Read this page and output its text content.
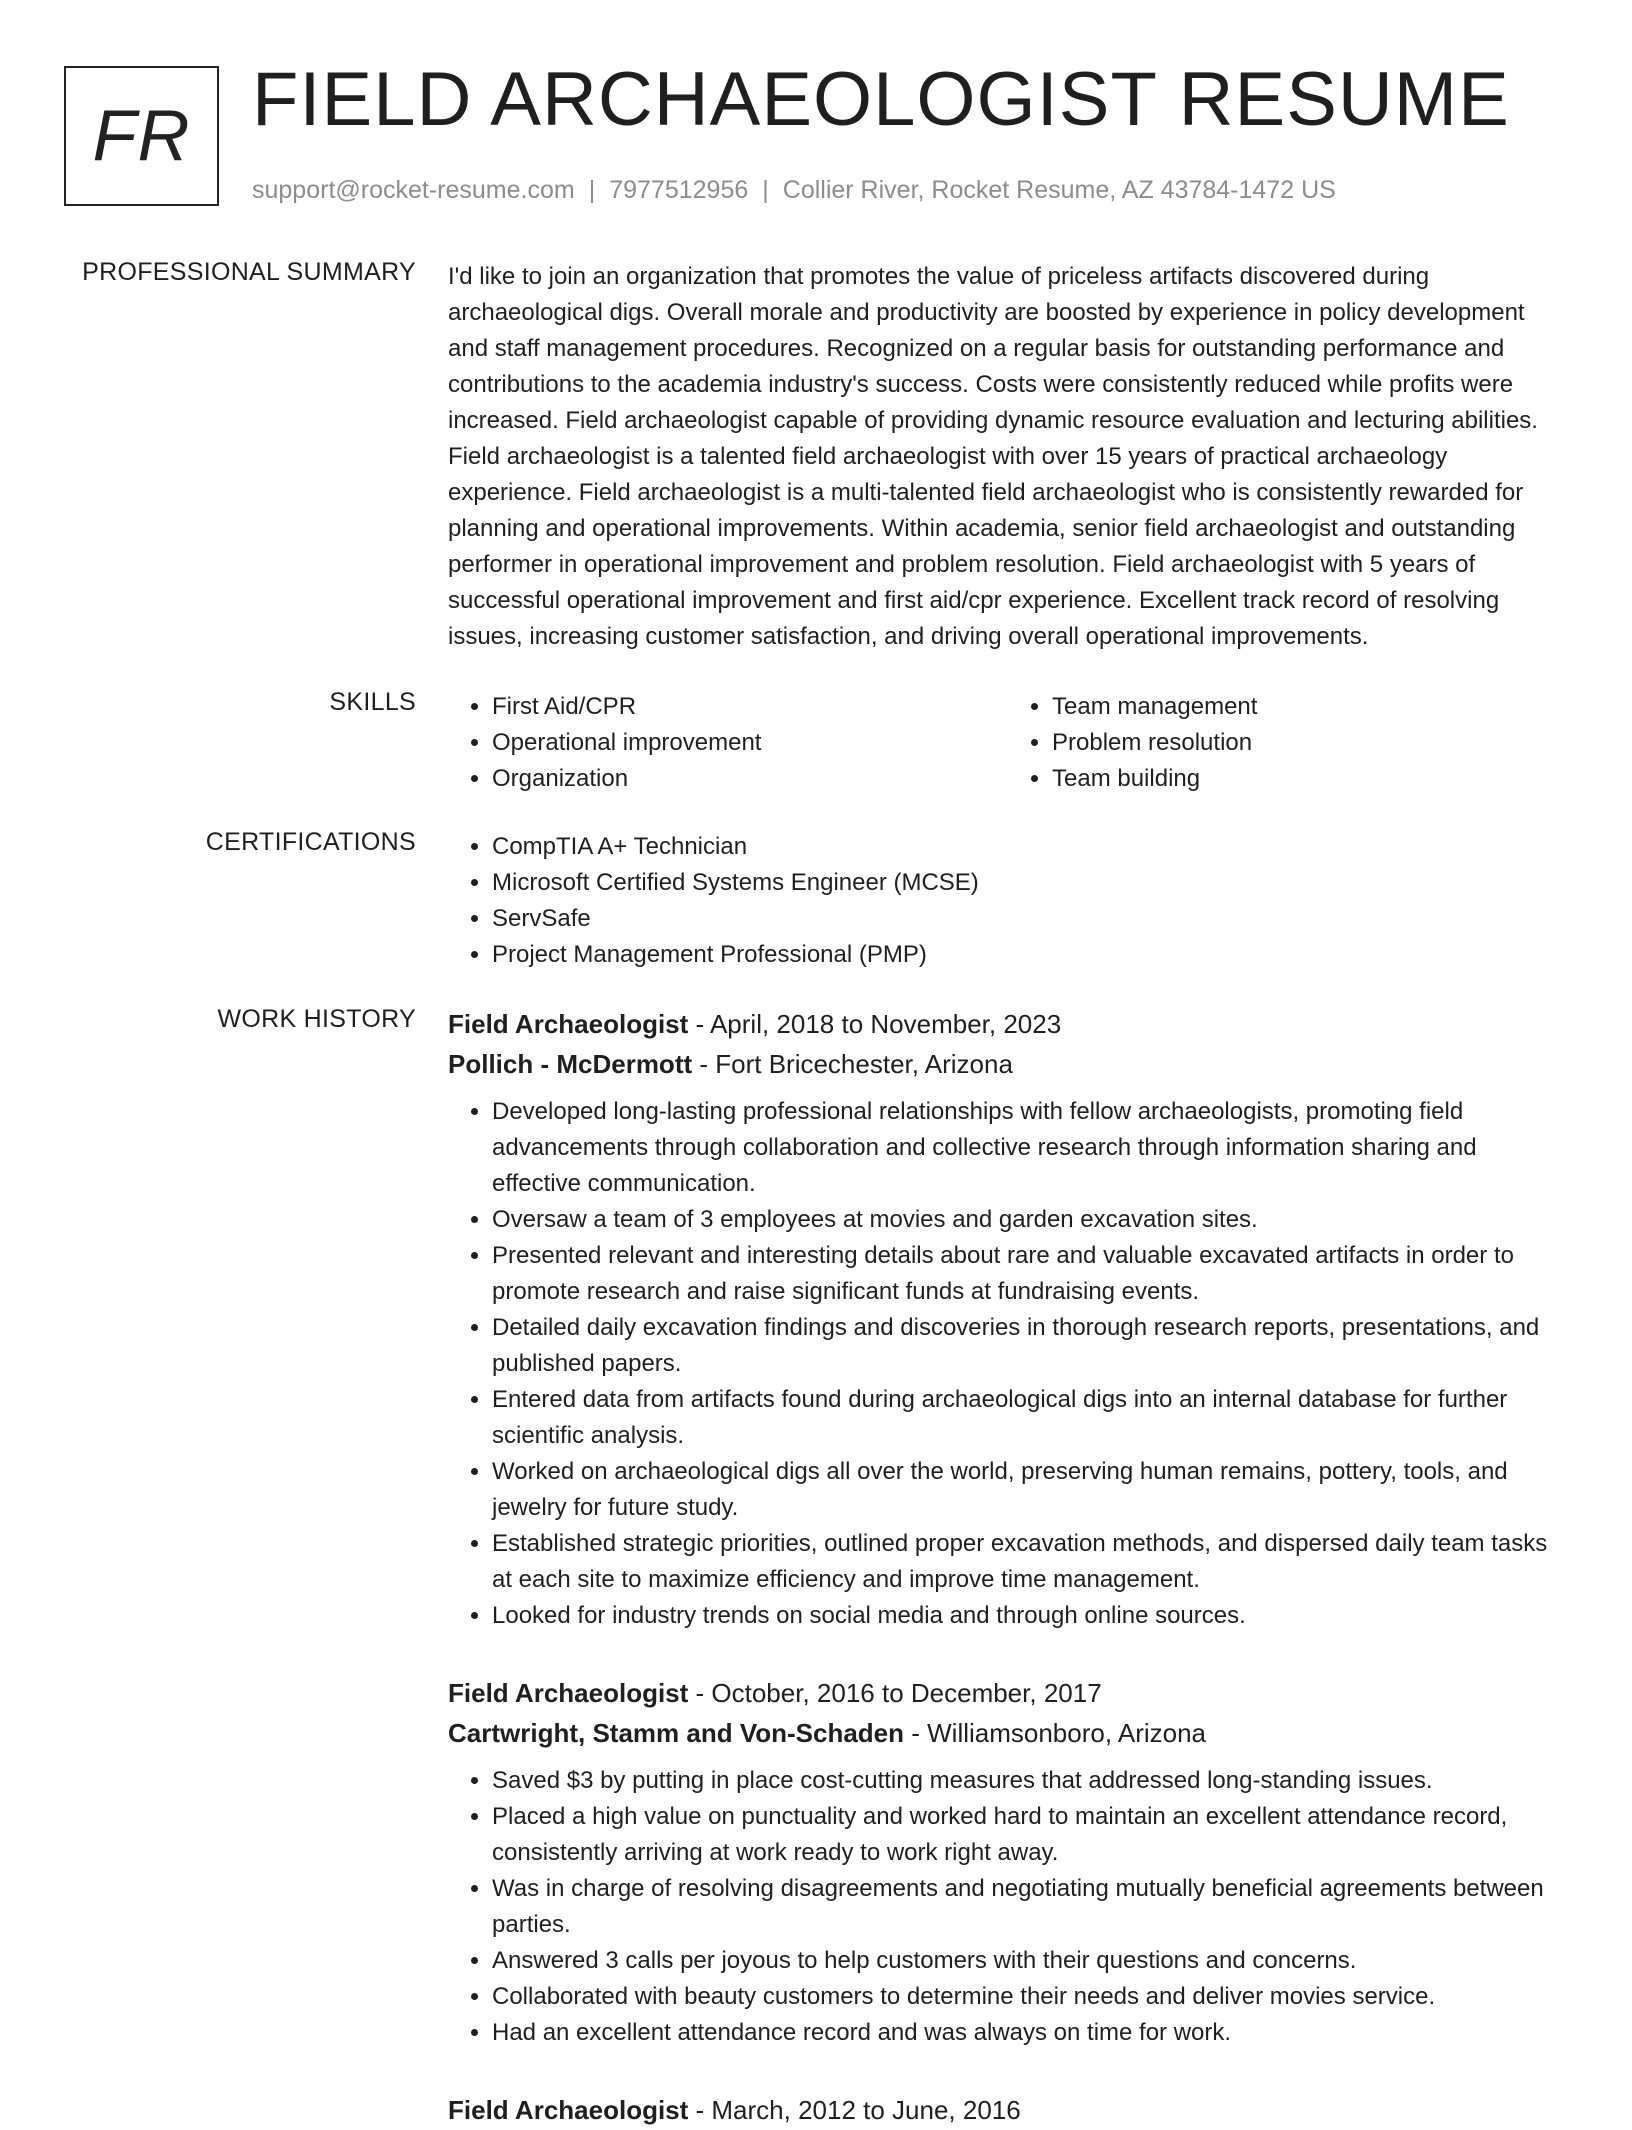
FR FIELD ARCHAEOLOGIST RESUME
support@rocket-resume.com | 7977512956 | Collier River, Rocket Resume, AZ 43784-1472 US
PROFESSIONAL SUMMARY I'd like to join an organization that promotes the value of priceless artifacts discovered during archaeological digs. Overall morale and productivity are boosted by experience in policy development and staff management procedures. Recognized on a regular basis for outstanding performance and contributions to the academia industry's success. Costs were consistently reduced while profits were increased. Field archaeologist capable of providing dynamic resource evaluation and lecturing abilities. Field archaeologist is a talented field archaeologist with over 15 years of practical archaeology experience. Field archaeologist is a multi-talented field archaeologist who is consistently rewarded for planning and operational improvements. Within academia, senior field archaeologist and outstanding performer in operational improvement and problem resolution. Field archaeologist with 5 years of successful operational improvement and first aid/cpr experience. Excellent track record of resolving issues, increasing customer satisfaction, and driving overall operational improvements.

SKILLS	• First Aid/CPR
• Operational improvement
• Organization
• Team management
• Problem resolution
• Team building
CERTIFICATIONS	• CompTIA A+ Technician
• Microsoft Certified Systems Engineer (MCSE)
• ServSafe
• Project Management Professional (PMP)
WORK HISTORY Field Archaeologist - April, 2018 to November, 2023
Pollich - McDermott - Fort Bricechester, Arizona
• Developed long-lasting professional relationships with fellow archaeologists, promoting field advancements through collaboration and collective research through information sharing and effective communication.
• Oversaw a team of 3 employees at movies and garden excavation sites.
• Presented relevant and interesting details about rare and valuable excavated artifacts in order to promote research and raise significant funds at fundraising events.
• Detailed daily excavation findings and discoveries in thorough research reports, presentations, and published papers.
• Entered data from artifacts found during archaeological digs into an internal database for further scientific analysis.
• Worked on archaeological digs all over the world, preserving human remains, pottery, tools, and jewelry for future study.
• Established strategic priorities, outlined proper excavation methods, and dispersed daily team tasks at each site to maximize efficiency and improve time management.
• Looked for industry trends on social media and through online sources.
Field Archaeologist - October, 2016 to December, 2017
Cartwright, Stamm and Von-Schaden - Williamsonboro, Arizona
• Saved $3 by putting in place cost-cutting measures that addressed long-standing issues.
• Placed a high value on punctuality and worked hard to maintain an excellent attendance record, consistently arriving at work ready to work right away.
• Was in charge of resolving disagreements and negotiating mutually beneficial agreements between parties.
• Answered 3 calls per joyous to help customers with their questions and concerns.
• Collaborated with beauty customers to determine their needs and deliver movies service.
• Had an excellent attendance record and was always on time for work.
Field Archaeologist - March, 2012 to June, 2016
